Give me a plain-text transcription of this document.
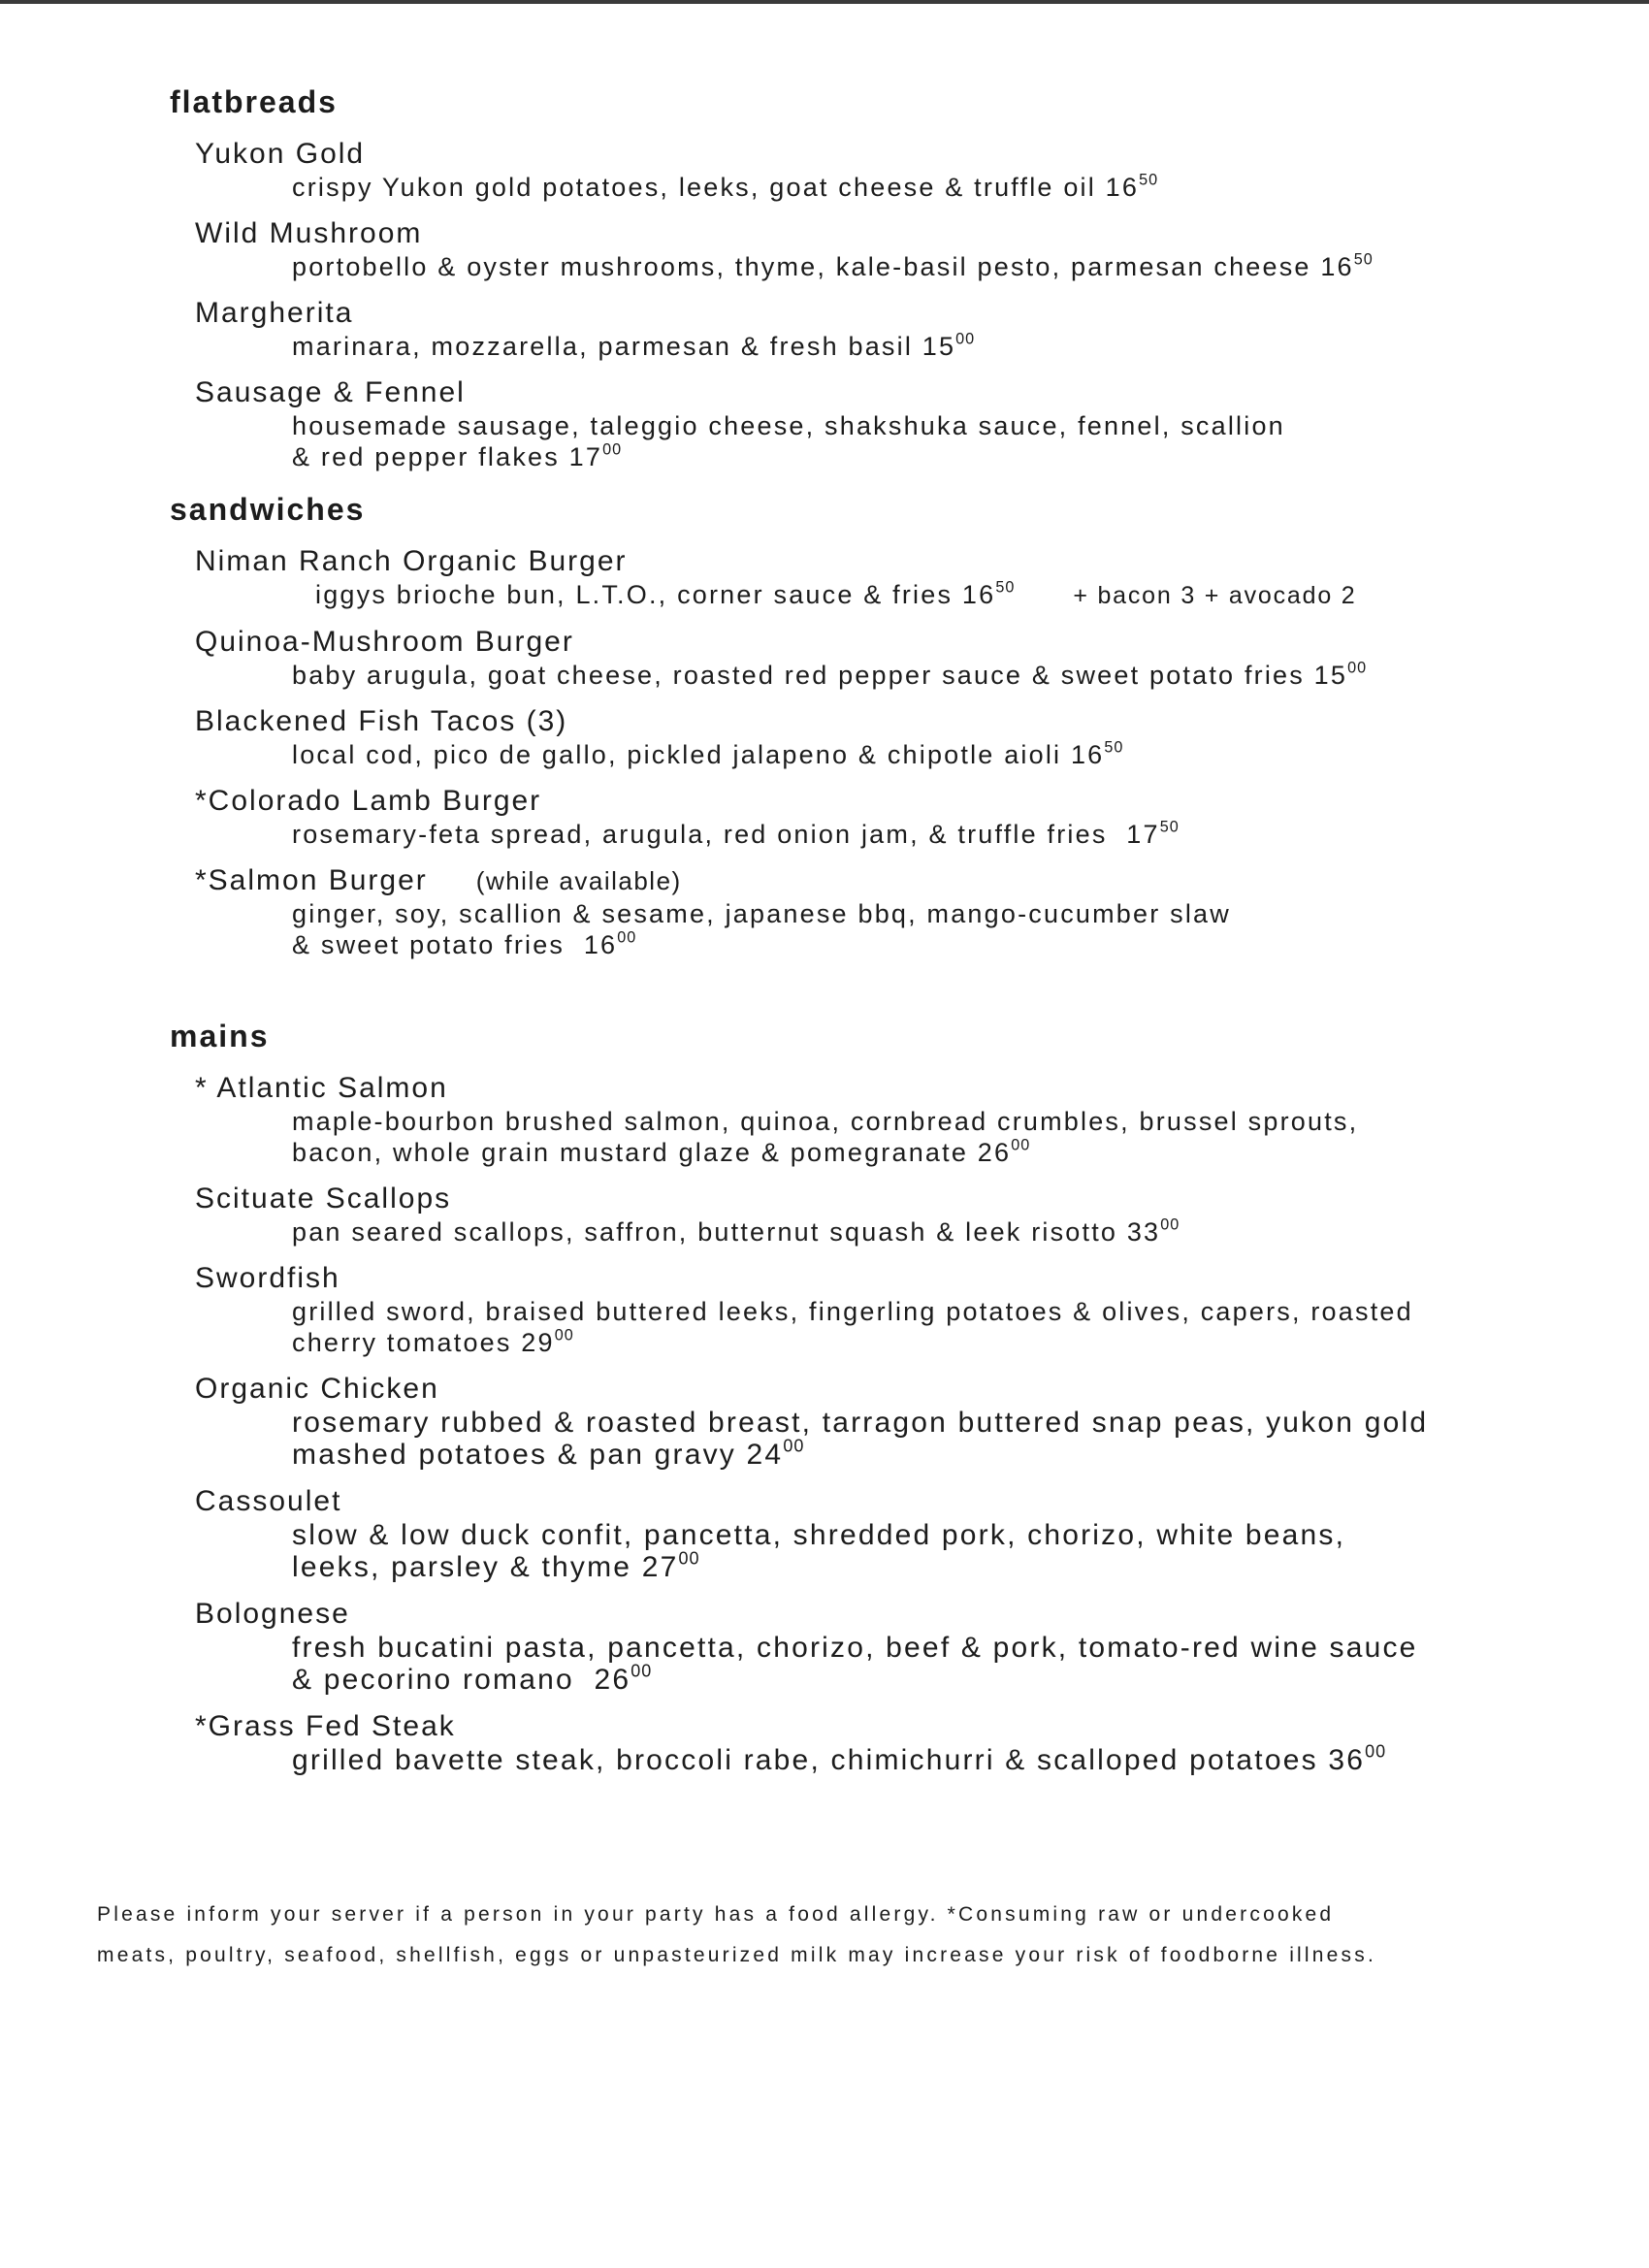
flatbreads
Yukon Gold
crispy Yukon gold potatoes, leeks, goat cheese & truffle oil $16^{50}$
Wild Mushroom
portobello & oyster mushrooms, thyme, kale-basil pesto, parmesan cheese $16^{50}$
Margherita
marinara, mozzarella, parmesan & fresh basil $15^{00}$
Sausage & Fennel
housemade sausage, taleggio cheese, shakshuka sauce, fennel, scallion
& red pepper flakes $17^{00}$
sandwiches
Niman Ranch Organic Burger
iggys brioche bun, L.T.O., corner sauce & fries $16^{50}$ + bacon 3 + avocado 2
Quinoa-Mushroom Burger
baby arugula, goat cheese, roasted red pepper sauce & sweet potato fries $15^{00}$
Blackened Fish Tacos (3)
local cod, pico de gallo, pickled jalapeno & chipotle aioli $16^{50}$
*Colorado Lamb Burger
rosemary-feta spread, arugula, red onion jam, & truffle fries $17^{50}$
*Salmon Burger (while available)
ginger, soy, scallion & sesame, japanese bbq, mango-cucumber slaw
& sweet potato fries $16^{00}$
mains
* Atlantic Salmon
maple-bourbon brushed salmon, quinoa, cornbread crumbles, brussel sprouts,
bacon, whole grain mustard glaze & pomegranate $26^{00}$
Scituate Scallops
pan seared scallops, saffron, butternut squash & leek risotto $33^{00}$
Swordfish
grilled sword, braised buttered leeks, fingerling potatoes & olives, capers, roasted
cherry tomatoes $29^{00}$
Organic Chicken
rosemary rubbed & roasted breast, tarragon buttered snap peas, yukon gold
mashed potatoes & pan gravy $24^{00}$
Cassoulet
slow & low duck confit, pancetta, shredded pork, chorizo, white beans,
leeks, parsley & thyme $27^{00}$
Bolognese
fresh bucatini pasta, pancetta, chorizo, beef & pork, tomato-red wine sauce
& pecorino romano $26^{00}$
*Grass Fed Steak
grilled bavette steak, broccoli rabe, chimichurri & scalloped potatoes $36^{00}$
Please inform your server if a person in your party has a food allergy. *Consuming raw or undercooked
meats, poultry, seafood, shellfish, eggs or unpasteurized milk may increase your risk of foodborne illness.
